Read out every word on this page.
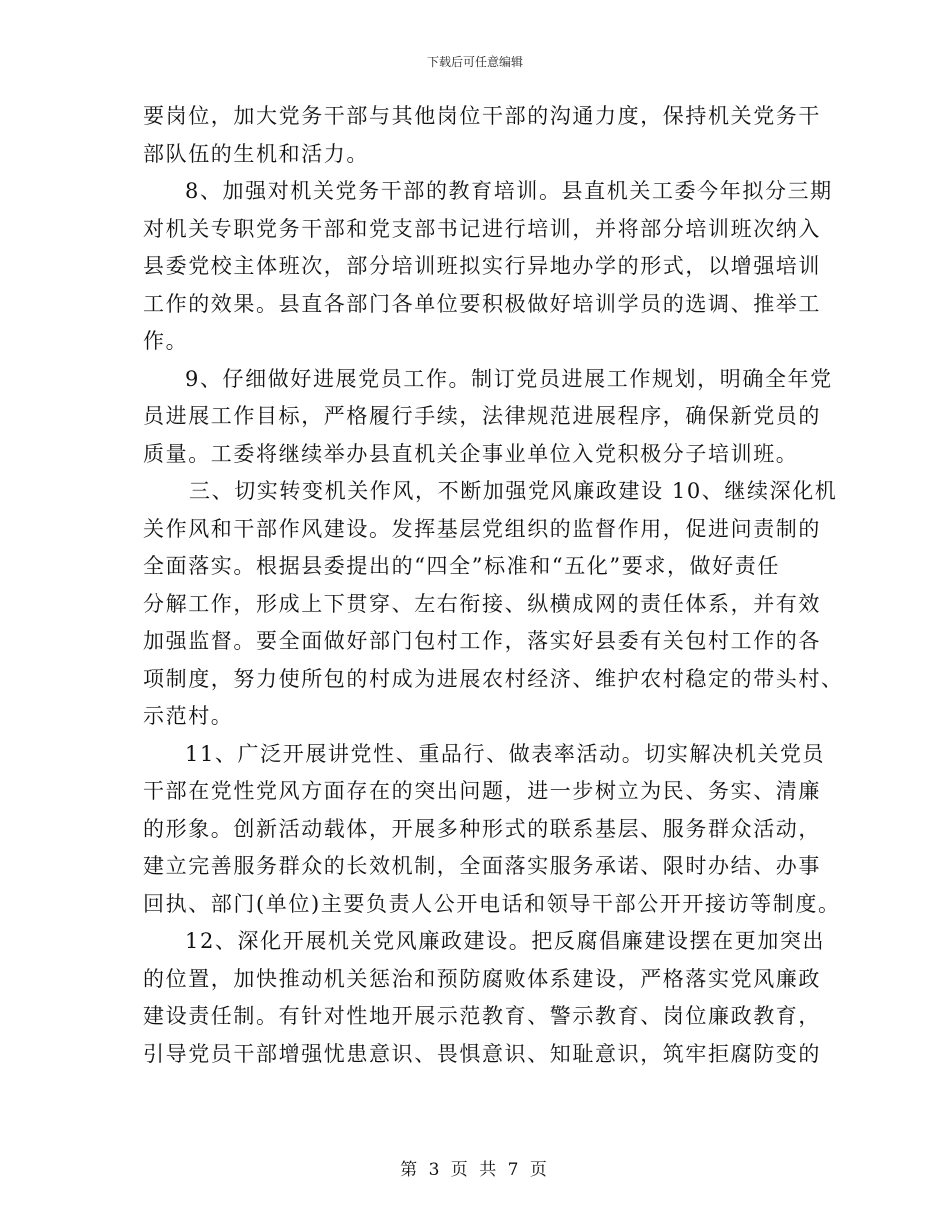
下载后可任意编辑
要岗位，加大党务干部与其他岗位干部的沟通力度，保持机关党务干
部队伍的生机和活力。
8、加强对机关党务干部的教育培训。县直机关工委今年拟分三期
对机关专职党务干部和党支部书记进行培训，并将部分培训班次纳入
县委党校主体班次，部分培训班拟实行异地办学的形式，以增强培训
工作的效果。县直各部门各单位要积极做好培训学员的选调、推举工
作。
9、仔细做好进展党员工作。制订党员进展工作规划，明确全年党
员进展工作目标，严格履行手续，法律规范进展程序，确保新党员的
质量。工委将继续举办县直机关企事业单位入党积极分子培训班。
三、切实转变机关作风，不断加强党风廉政建设 10、继续深化机
关作风和干部作风建设。发挥基层党组织的监督作用，促进问责制的
全面落实。根据县委提出的“四全”标准和“五化”要求，做好责任
分解工作，形成上下贯穿、左右衔接、纵横成网的责任体系，并有效
加强监督。要全面做好部门包村工作，落实好县委有关包村工作的各
项制度，努力使所包的村成为进展农村经济、维护农村稳定的带头村、
示范村。
11、广泛开展讲党性、重品行、做表率活动。切实解决机关党员
干部在党性党风方面存在的突出问题，进一步树立为民、务实、清廉
的形象。创新活动载体，开展多种形式的联系基层、服务群众活动，
建立完善服务群众的长效机制，全面落实服务承诺、限时办结、办事
回执、部门(单位)主要负责人公开电话和领导干部公开开接访等制度。
12、深化开展机关党风廉政建设。把反腐倡廉建设摆在更加突出
的位置，加快推动机关惩治和预防腐败体系建设，严格落实党风廉政
建设责任制。有针对性地开展示范教育、警示教育、岗位廉政教育，
引导党员干部增强忧患意识、畏惧意识、知耻意识，筑牢拒腐防变的
第 3 页 共 7 页
